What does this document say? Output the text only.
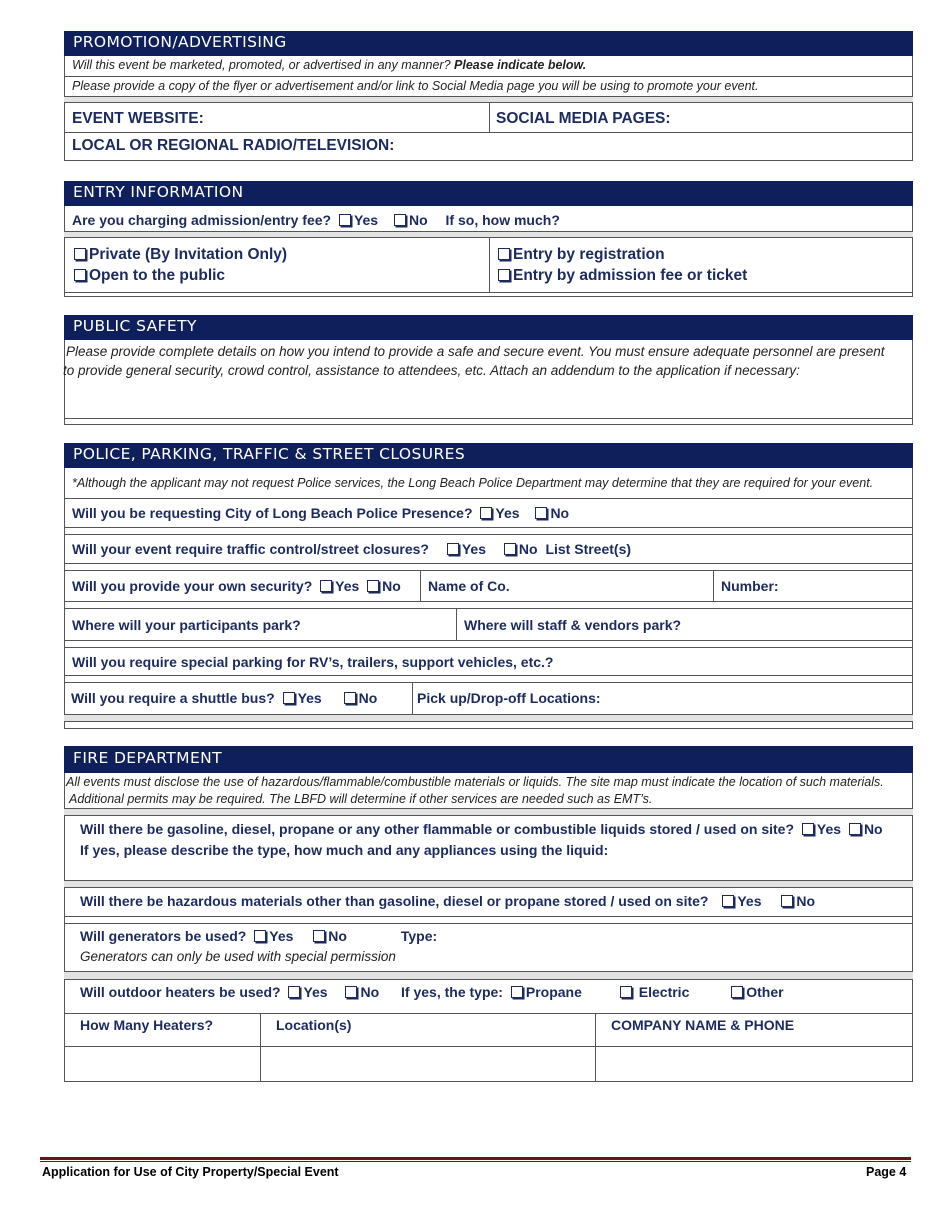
PROMOTION/ADVERTISING
Will this event be marketed, promoted, or advertised in any manner? Please indicate below.
Please provide a copy of the flyer or advertisement and/or link to Social Media page you will be using to promote your event.
EVENT WEBSITE:	SOCIAL MEDIA PAGES:
LOCAL OR REGIONAL RADIO/TELEVISION:
ENTRY INFORMATION
Are you charging admission/entry fee? Yes No If so, how much?
Private (By Invitation Only)
Open to the public
Entry by registration
Entry by admission fee or ticket
PUBLIC SAFETY
Please provide complete details on how you intend to provide a safe and secure event. You must ensure adequate personnel are present
to provide general security, crowd control, assistance to attendees, etc. Attach an addendum to the application if necessary:
POLICE, PARKING, TRAFFIC & STREET CLOSURES
*Although the applicant may not request Police services, the Long Beach Police Department may determine that they are required for your event.
Will you be requesting City of Long Beach Police Presence? Yes No
Will your event require traffic control/street closures? Yes No List Street(s)
Will you provide your own security? Yes No Name of Co.	Number:
Where will your participants park?	Where will staff & vendors park?
Will you require special parking for RV’s, trailers, support vehicles, etc.?
Will you require a shuttle bus? Yes	No	Pick up/Drop-off Locations:
FIRE DEPARTMENT
All events must disclose the use of hazardous/flammable/combustible materials or liquids. The site map must indicate the location of such materials.
Additional permits may be required. The LBFD will determine if other services are needed such as EMT’s.
Will there be gasoline, diesel, propane or any other flammable or combustible liquids stored / used on site? Yes No
If yes, please describe the type, how much and any appliances using the liquid:
Will there be hazardous materials other than gasoline, diesel or propane stored / used on site? Yes No
Will generators be used? Yes No	Type:
Generators can only be used with special permission
Will outdoor heaters be used? Yes No If yes, the type: Propane	Electric	Other
How Many Heaters?	Location(s)	COMPANY NAME & PHONE
Application for Use of City Property/Special Event	Page 4
